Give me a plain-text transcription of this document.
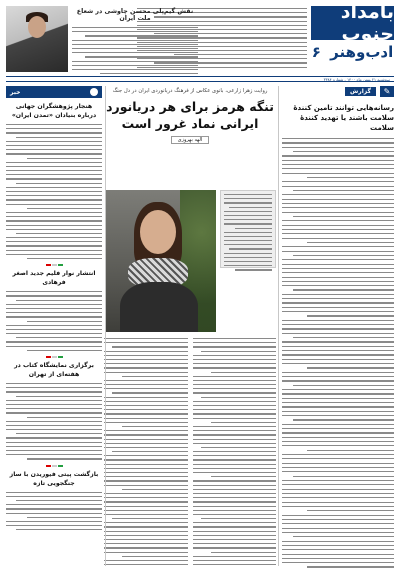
بامداد جنوب
ادب‌و‌هنر ۶
نقش گیم‌پلی محسن چاوشی در شعاع ملت ایران
سه‌شنبه ۲۱ بهمن ماه ۱۴۰۰ - شماره ۳۳۸۴
✎
گزارش
رسانه‌هایی توانند تامین کنندهٔ سلامت باشند یا تهدید کنندهٔ سلامت
روایت زهرا زارعی، بانوی عکاس از فرهنگ دریانوردی ایران در دل جنگ
تنگه هرمز برای هر دریانورد ایرانی نماد غرور است
الهه بهروزی
خبر
هنجار پژوهشگران جهانی درباره بنیادان «تمدن ایران»
انتشار نوار فلیم جدید اصغر فرهادی
برگزاری نمایشگاه کتاب در هفته‌ای از تهران
بازگشت پیتی فیوریدن با ساز جنگجویی تازه
